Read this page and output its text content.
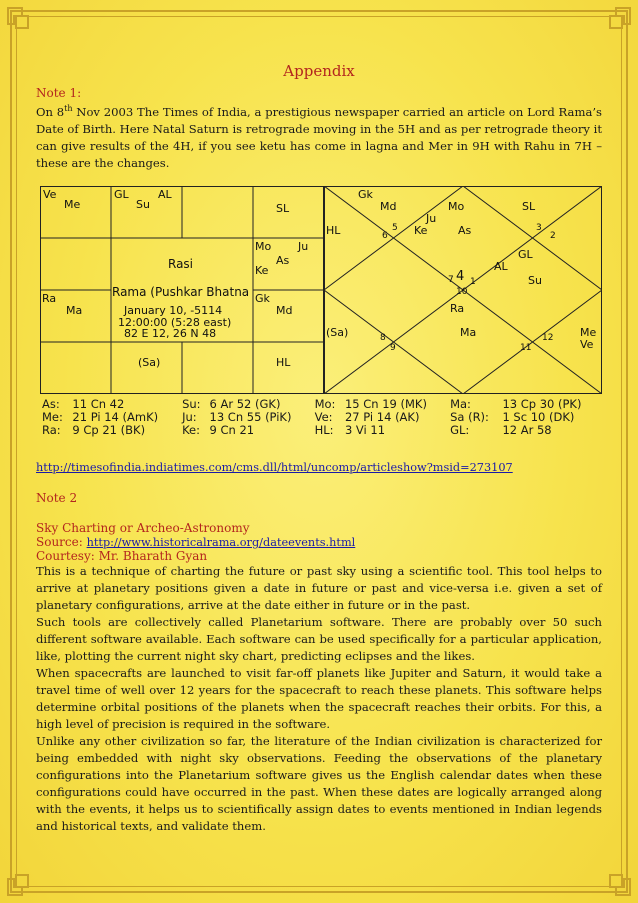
Appendix
Note 1:

On 8th Nov 2003 The Times of India, a prestigious newspaper carried an article on Lord Rama’s Date of Birth. Here Natal Saturn is retrograde moving in the 5H and as per retrograde theory it can give results of the 4H, if you see ketu has come in lagna and Mer in 9H with Rahu in 7H – these are the changes.

Ve
Me
GL
Su
AL
SL
Mo
Ke
As
Ju
Ra
Ma
Gk
Md
(Sa)	HL
Rasi
Rama (Pushkar Bhatna
January 10, -5114
12:00:00 (5:28 east)
82 E 12, 26 N 48
HL
(Sa)	Me
Ve
Gk
Md	Mo
Ju
Ke	As
SL
GL
AL
Su
Ra
Ma
1
2
3
4
5
6
7
8
9
10
11
12
As:	11 Cn 42	Su:	6 Ar 52 (GK)	Mo:	15 Cn 19 (MK)	Ma:	13 Cp 30 (PK)
Me:	21 Pi 14 (AmK)	Ju:	13 Cn 55 (PiK)	Ve:	27 Pi 14 (AK)	Sa (R):	1 Sc 10 (DK)
Ra:	9 Cp 21 (BK)	Ke:	9 Cn 21	HL:	3 Vi 11	GL:	12 Ar 58
http://timesofindia.indiatimes.com/cms.dll/html/uncomp/articleshow?msid=273107
Note 2
Sky Charting or Archeo-Astronomy
Source: http://www.historicalrama.org/dateevents.html
Courtesy: Mr. Bharath Gyan

This is a technique of charting the future or past sky using a scientific tool. This tool helps to arrive at planetary positions given a date in future or past and vice-versa i.e. given a set of planetary configurations, arrive at the date either in future or in the past.

Such tools are collectively called Planetarium software. There are probably over 50 such different software available. Each software can be used specifically for a particular application, like, plotting the current night sky chart, predicting eclipses and the likes.

When spacecrafts are launched to visit far-off planets like Jupiter and Saturn, it would take a travel time of well over 12 years for the spacecraft to reach these planets. This software helps determine orbital positions of the planets when the spacecraft reaches their orbits. For this, a high level of precision is required in the software.

Unlike any other civilization so far, the literature of the Indian civilization is characterized for being embedded with night sky observations. Feeding the observations of the planetary configurations into the Planetarium software gives us the English calendar dates when these configurations could have occurred in the past. When these dates are logically arranged along with the events, it helps us to scientifically assign dates to events mentioned in Indian legends and historical texts, and validate them.
